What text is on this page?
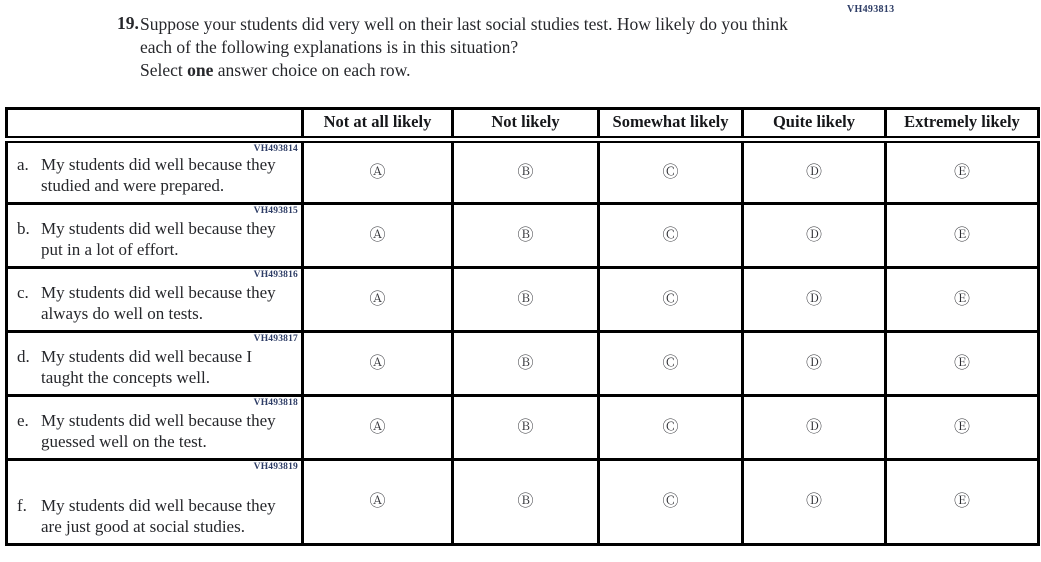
VH493813
19. Suppose your students did very well on their last social studies test. How likely do you think each of the following explanations is in this situation?
Select one answer choice on each row.
	Not at all likely	Not likely	Somewhat likely	Quite likely	Extremely likely

VH493814
a. My students did well because they studied and were prepared.	Ⓐ	Ⓑ	Ⓒ	Ⓓ	Ⓔ

VH493815
b. My students did well because they put in a lot of effort.	Ⓐ	Ⓑ	Ⓒ	Ⓓ	Ⓔ

VH493816
c. My students did well because they always do well on tests.	Ⓐ	Ⓑ	Ⓒ	Ⓓ	Ⓔ

VH493817
d. My students did well because I taught the concepts well.	Ⓐ	Ⓑ	Ⓒ	Ⓓ	Ⓔ

VH493818
e. My students did well because they guessed well on the test.	Ⓐ	Ⓑ	Ⓒ	Ⓓ	Ⓔ

VH493819
f. My students did well because they are just good at social studies.	Ⓐ	Ⓑ	Ⓒ	Ⓓ	Ⓔ
